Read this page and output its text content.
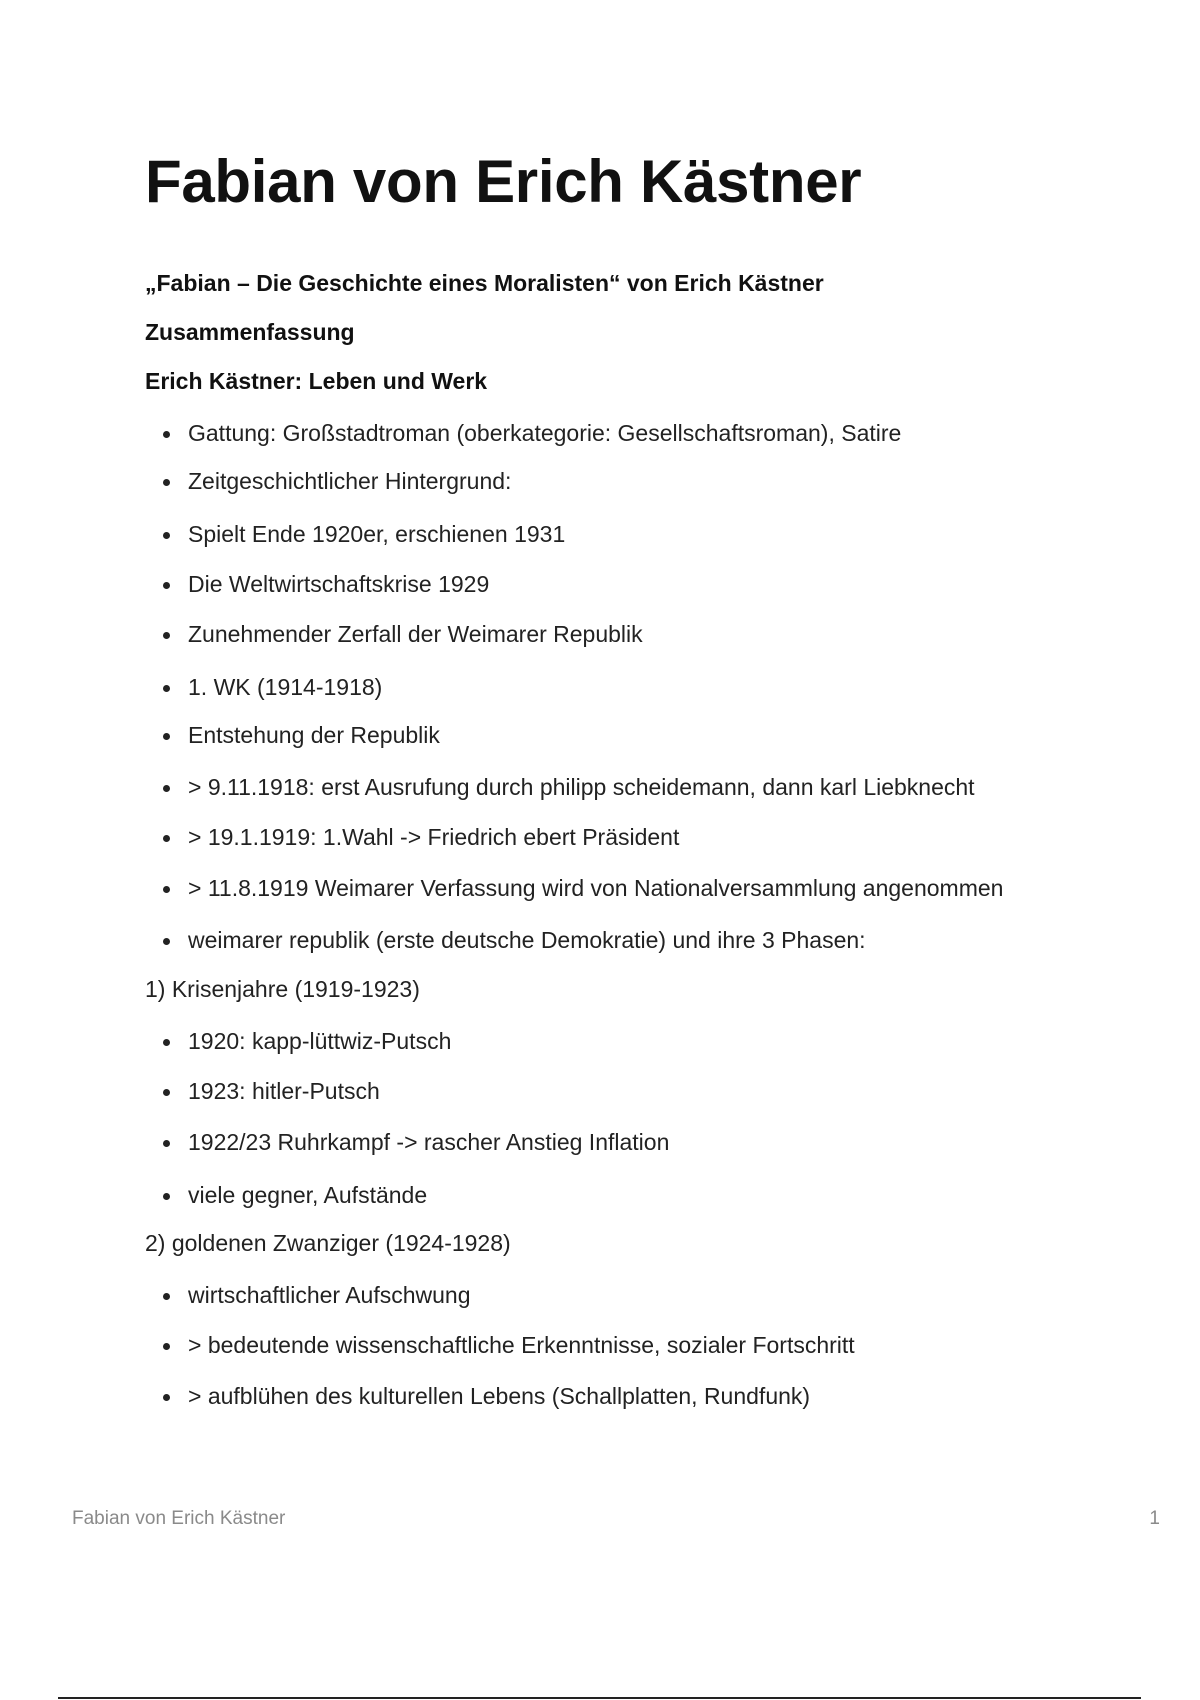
Fabian von Erich Kästner
„Fabian – Die Geschichte eines Moralisten“ von Erich Kästner
Zusammenfassung
Erich Kästner: Leben und Werk
Gattung: Großstadtroman (oberkategorie: Gesellschaftsroman), Satire
Zeitgeschichtlicher Hintergrund:
Spielt Ende 1920er, erschienen 1931
Die Weltwirtschaftskrise 1929
Zunehmender Zerfall der Weimarer Republik
1. WK (1914-1918)
Entstehung der Republik
> 9.11.1918: erst Ausrufung durch philipp scheidemann, dann karl Liebknecht
> 19.1.1919: 1.Wahl -> Friedrich ebert Präsident
> 11.8.1919 Weimarer Verfassung wird von Nationalversammlung angenommen
weimarer republik (erste deutsche Demokratie) und ihre 3 Phasen:
1) Krisenjahre (1919-1923)
1920: kapp-lüttwiz-Putsch
1923: hitler-Putsch
1922/23 Ruhrkampf -> rascher Anstieg Inflation
viele gegner, Aufstände
2) goldenen Zwanziger (1924-1928)
wirtschaftlicher Aufschwung
> bedeutende wissenschaftliche Erkenntnisse, sozialer Fortschritt
> aufblühen des kulturellen Lebens (Schallplatten, Rundfunk)
Fabian von Erich Kästner	1
